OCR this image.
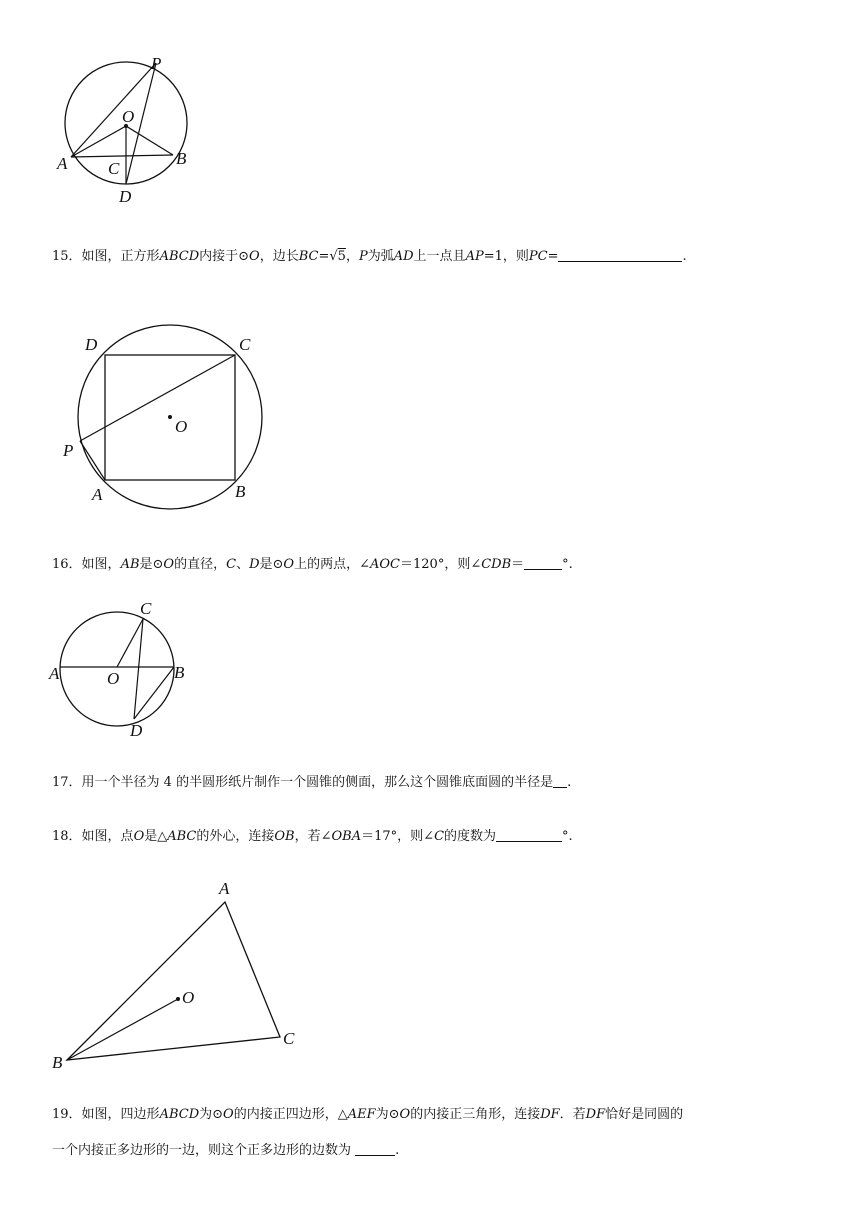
P
O
A	B
C
D
15．如图，正方形ABCD内接于⊙O，边长BC=√5，P为弧AD上一点且AP=1，则PC=	.
D	C
O
P
A	B
16．如图，AB是⊙O的直径，C、D是⊙O上的两点，∠AOC＝120°，则∠CDB＝	°.
C
A	O	B
D
17．用一个半径为 4 的半圆形纸片制作一个圆锥的侧面，那么这个圆锥底面圆的半径是 .
18．如图，点O是△ABC的外心，连接OB，若∠OBA＝17°，则∠C的度数为	°.
A
O
C
B
19．如图，四边形ABCD为⊙O的内接正四边形，△AEF为⊙O的内接正三角形，连接DF．若DF恰好是同圆的
一个内接正多边形的一边，则这个正多边形的边数为	.
